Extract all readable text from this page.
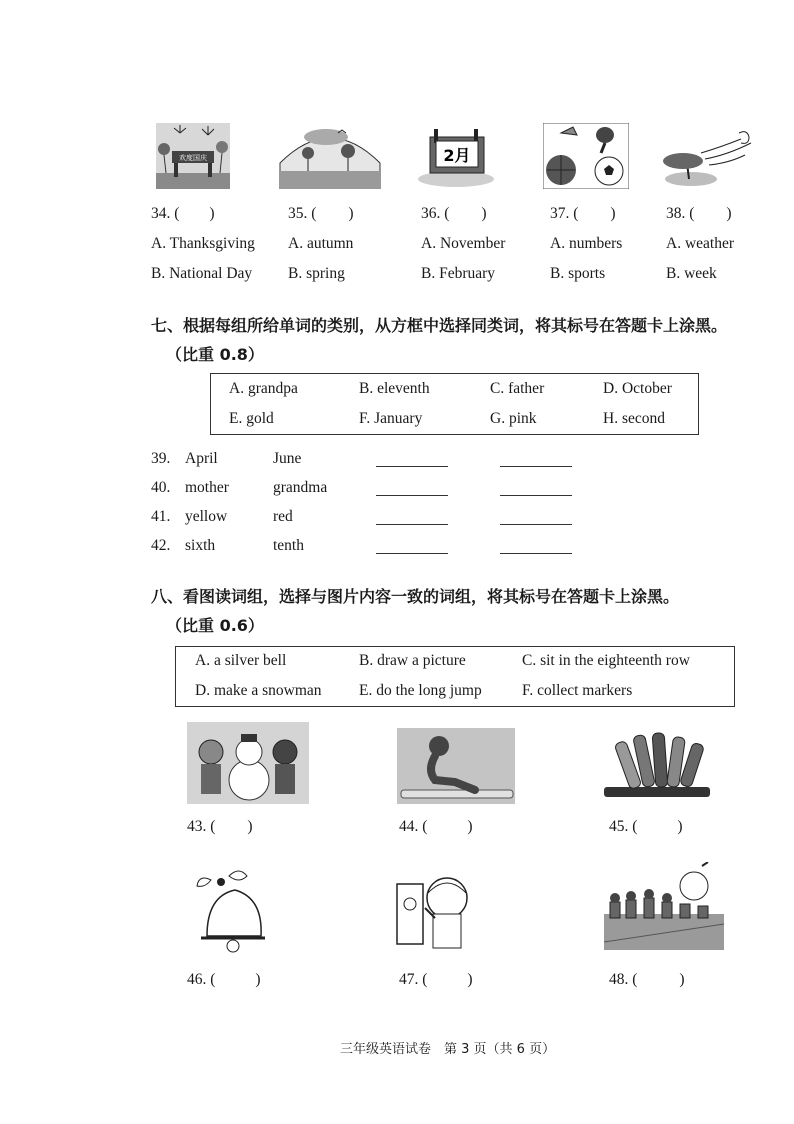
欢度国庆	2月
34. ( )	35. ( )	36. ( )	37. ( )	38. ( )
A. Thanksgiving A. autumn	A. November	A. numbers	A. weather
B. National Day B. spring	B. February	B. sports	B. week
七、根据每组所给单词的类别，从方框中选择同类词，将其标号在答题卡上涂黑。
（比重 0.8）
A. grandpa	B. eleventh	C. father	D. October
E. gold	F. January	G. pink	H. second
39. April	June
40. mother	grandma
41. yellow	red
42. sixth	tenth
八、看图读词组，选择与图片内容一致的词组，将其标号在答题卡上涂黑。
（比重 0.6）
A. a silver bell	B. draw a picture	C. sit in the eighteenth row
D. make a snowman E. do the long jump	F. collect markers
43. ( )	44. (	)	45. (	)
46. (	)	47. (	)	48. (	)
三年级英语试卷　第 3 页（共 6 页）
